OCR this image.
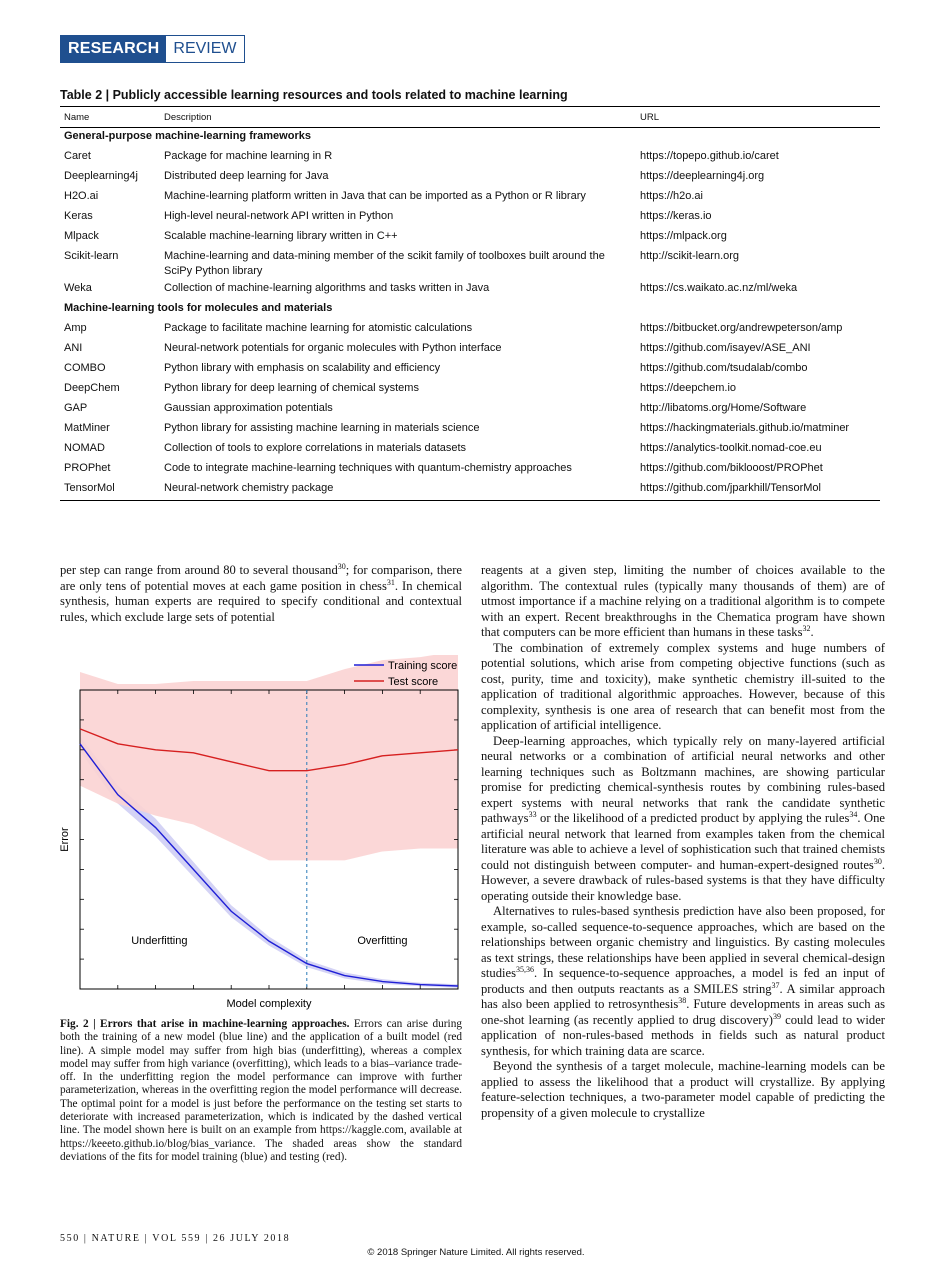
RESEARCH REVIEW
Table 2 | Publicly accessible learning resources and tools related to machine learning
Name	Description	URL
General-purpose machine-learning frameworks		
Caret	Package for machine learning in R	https://topepo.github.io/caret
Deeplearning4j	Distributed deep learning for Java	https://deeplearning4j.org
H2O.ai	Machine-learning platform written in Java that can be imported as a Python or R library	https://h2o.ai
Keras	High-level neural-network API written in Python	https://keras.io
Mlpack	Scalable machine-learning library written in C++	https://mlpack.org
Scikit-learn	Machine-learning and data-mining member of the scikit family of toolboxes built around the SciPy Python library	http://scikit-learn.org
Weka	Collection of machine-learning algorithms and tasks written in Java	https://cs.waikato.ac.nz/ml/weka
Machine-learning tools for molecules and materials		
Amp	Package to facilitate machine learning for atomistic calculations	https://bitbucket.org/andrewpeterson/amp
ANI	Neural-network potentials for organic molecules with Python interface	https://github.com/isayev/ASE_ANI
COMBO	Python library with emphasis on scalability and efficiency	https://github.com/tsudalab/combo
DeepChem	Python library for deep learning of chemical systems	https://deepchem.io
GAP	Gaussian approximation potentials	http://libatoms.org/Home/Software
MatMiner	Python library for assisting machine learning in materials science	https://hackingmaterials.github.io/matminer
NOMAD	Collection of tools to explore correlations in materials datasets	https://analytics-toolkit.nomad-coe.eu
PROPhet	Code to integrate machine-learning techniques with quantum-chemistry approaches	https://github.com/biklooost/PROPhet
TensorMol	Neural-network chemistry package	https://github.com/jparkhill/TensorMol

per step can range from around 80 to several thousand$^{30}$; for comparison, there are only tens of potential moves at each game position in chess$^{31}$. In chemical synthesis, human experts are required to specify conditional and contextual rules, which exclude large sets of potential

Underfitting	Overfitting
Model complexity
Error
Training score
Test score
Fig. 2 | Errors that arise in machine-learning approaches. Errors can arise during both the training of a new model (blue line) and the application of a built model (red line). A simple model may suffer from high bias (underfitting), whereas a complex model may suffer from high variance (overfitting), which leads to a bias–variance trade-off. In the underfitting region the model performance can improve with further parameterization, whereas in the overfitting region the model performance will decrease. The optimal point for a model is just before the performance on the testing set starts to deteriorate with increased parameterization, which is indicated by the dashed vertical line. The model shown here is built on an example from https://kaggle.com, available at https://keeeto.github.io/blog/bias_variance. The shaded areas show the standard deviations of the fits for model training (blue) and testing (red).

reagents at a given step, limiting the number of choices available to the algorithm. The contextual rules (typically many thousands of them) are of utmost importance if a machine relying on a traditional algorithm is to compete with an expert. Recent breakthroughs in the Chematica program have shown that computers can be more efficient than humans in these tasks$^{32}$.

The combination of extremely complex systems and huge numbers of potential solutions, which arise from competing objective functions (such as cost, purity, time and toxicity), make synthetic chemistry ill-suited to the application of traditional algorithmic approaches. However, because of this complexity, synthesis is one area of research that can benefit most from the application of artificial intelligence.

Deep-learning approaches, which typically rely on many-layered artificial neural networks or a combination of artificial neural networks and other learning techniques such as Boltzmann machines, are showing particular promise for predicting chemical-synthesis routes by combining rules-based expert systems with neural networks that rank the candidate synthetic pathways$^{33}$ or the likelihood of a predicted product by applying the rules$^{34}$. One artificial neural network that learned from examples taken from the chemical literature was able to achieve a level of sophistication such that trained chemists could not distinguish between computer- and human-expert-designed routes$^{30}$. However, a severe drawback of rules-based systems is that they have difficulty operating outside their knowledge base.

Alternatives to rules-based synthesis prediction have also been proposed, for example, so-called sequence-to-sequence approaches, which are based on the relationships between organic chemistry and linguistics. By casting molecules as text strings, these relationships have been applied in several chemical-design studies$^{35,36}$. In sequence-to-sequence approaches, a model is fed an input of products and then outputs reactants as a SMILES string$^{37}$. A similar approach has also been applied to retrosynthesis$^{38}$. Future developments in areas such as one-shot learning (as recently applied to drug discovery)$^{39}$ could lead to wider application of non-rules-based methods in fields such as natural product synthesis, for which training data are scarce.

Beyond the synthesis of a target molecule, machine-learning models can be applied to assess the likelihood that a product will crystallize. By applying feature-selection techniques, a two-parameter model capable of predicting the propensity of a given molecule to crystallize

550 | NATURE | VOL 559 | 26 JULY 2018
© 2018 Springer Nature Limited. All rights reserved.
